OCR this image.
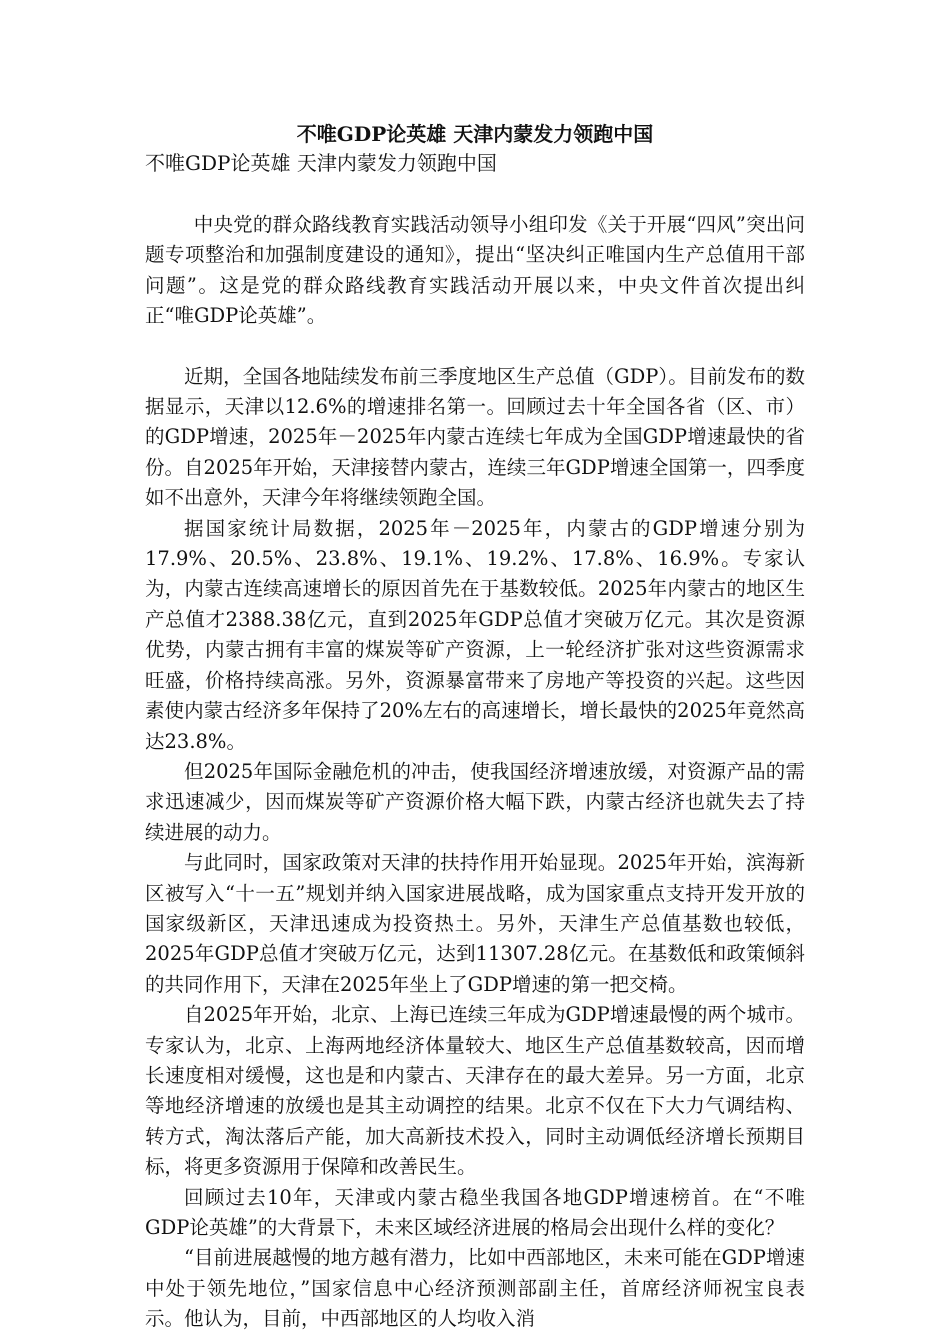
不唯GDP论英雄 天津内蒙发力领跑中国
不唯GDP论英雄 天津内蒙发力领跑中国

中央党的群众路线教育实践活动领导小组印发《关于开展“四风”突出问题专项整治和加强制度建设的通知》，提出“坚决纠正唯国内生产总值用干部问题”。这是党的群众路线教育实践活动开展以来，中央文件首次提出纠正“唯GDP论英雄”。

近期，全国各地陆续发布前三季度地区生产总值（GDP）。目前发布的数据显示，天津以12.6%的增速排名第一。回顾过去十年全国各省（区、市）的GDP增速，2025年－2025年内蒙古连续七年成为全国GDP增速最快的省份。自2025年开始，天津接替内蒙古，连续三年GDP增速全国第一，四季度如不出意外，天津今年将继续领跑全国。

据国家统计局数据，2025年－2025年，内蒙古的GDP增速分别为17.9%、20.5%、23.8%、19.1%、19.2%、17.8%、16.9%。专家认为，内蒙古连续高速增长的原因首先在于基数较低。2025年内蒙古的地区生产总值才2388.38亿元，直到2025年GDP总值才突破万亿元。其次是资源优势，内蒙古拥有丰富的煤炭等矿产资源，上一轮经济扩张对这些资源需求旺盛，价格持续高涨。另外，资源暴富带来了房地产等投资的兴起。这些因素使内蒙古经济多年保持了20%左右的高速增长，增长最快的2025年竟然高达23.8%。

但2025年国际金融危机的冲击，使我国经济增速放缓，对资源产品的需求迅速减少，因而煤炭等矿产资源价格大幅下跌，内蒙古经济也就失去了持续进展的动力。

与此同时，国家政策对天津的扶持作用开始显现。2025年开始，滨海新区被写入“十一五”规划并纳入国家进展战略，成为国家重点支持开发开放的国家级新区，天津迅速成为投资热土。另外，天津生产总值基数也较低，2025年GDP总值才突破万亿元，达到11307.28亿元。在基数低和政策倾斜的共同作用下，天津在2025年坐上了GDP增速的第一把交椅。

自2025年开始，北京、上海已连续三年成为GDP增速最慢的两个城市。专家认为，北京、上海两地经济体量较大、地区生产总值基数较高，因而增长速度相对缓慢，这也是和内蒙古、天津存在的最大差异。另一方面，北京等地经济增速的放缓也是其主动调控的结果。北京不仅在下大力气调结构、转方式，淘汰落后产能，加大高新技术投入，同时主动调低经济增长预期目标，将更多资源用于保障和改善民生。

回顾过去10年，天津或内蒙古稳坐我国各地GDP增速榜首。在“不唯GDP论英雄”的大背景下，未来区域经济进展的格局会出现什么样的变化？

“目前进展越慢的地方越有潜力，比如中西部地区，未来可能在GDP增速中处于领先地位，”国家信息中心经济预测部副主任，首席经济师祝宝良表示。他认为，目前，中西部地区的人均收入消
